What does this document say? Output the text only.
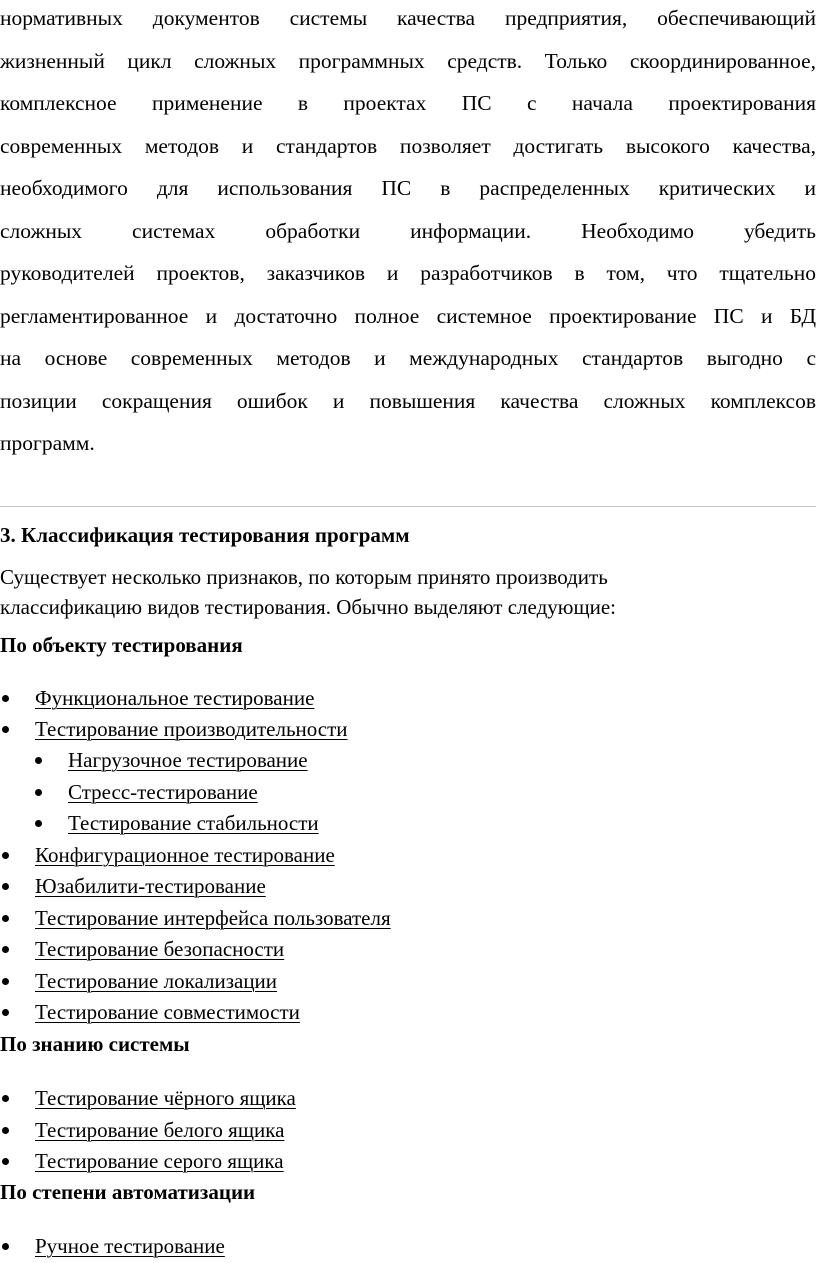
нормативных документов системы качества предприятия, обеспечивающий
жизненный цикл сложных программных средств. Только скоординированное,
комплексное применение в проектах ПС с начала проектирования
современных методов и стандартов позволяет достигать высокого качества,
необходимого для использования ПС в распределенных критических и
сложных системах обработки информации. Необходимо убедить
руководителей проектов, заказчиков и разработчиков в том, что тщательно
регламентированное и достаточно полное системное проектирование ПС и БД
на основе современных методов и международных стандартов выгодно с
позиции сокращения ошибок и повышения качества сложных комплексов
программ.
3. Классификация тестирования программ
Существует несколько признаков, по которым принято производить
классификацию видов тестирования. Обычно выделяют следующие:
По объекту тестирования
Функциональное тестирование
Тестирование производительности
Нагрузочное тестирование
Стресс-тестирование
Тестирование стабильности
Конфигурационное тестирование
Юзабилити-тестирование
Тестирование интерфейса пользователя
Тестирование безопасности
Тестирование локализации
Тестирование совместимости
По знанию системы
Тестирование чёрного ящика
Тестирование белого ящика
Тестирование серого ящика
По степени автоматизации
Ручное тестирование
